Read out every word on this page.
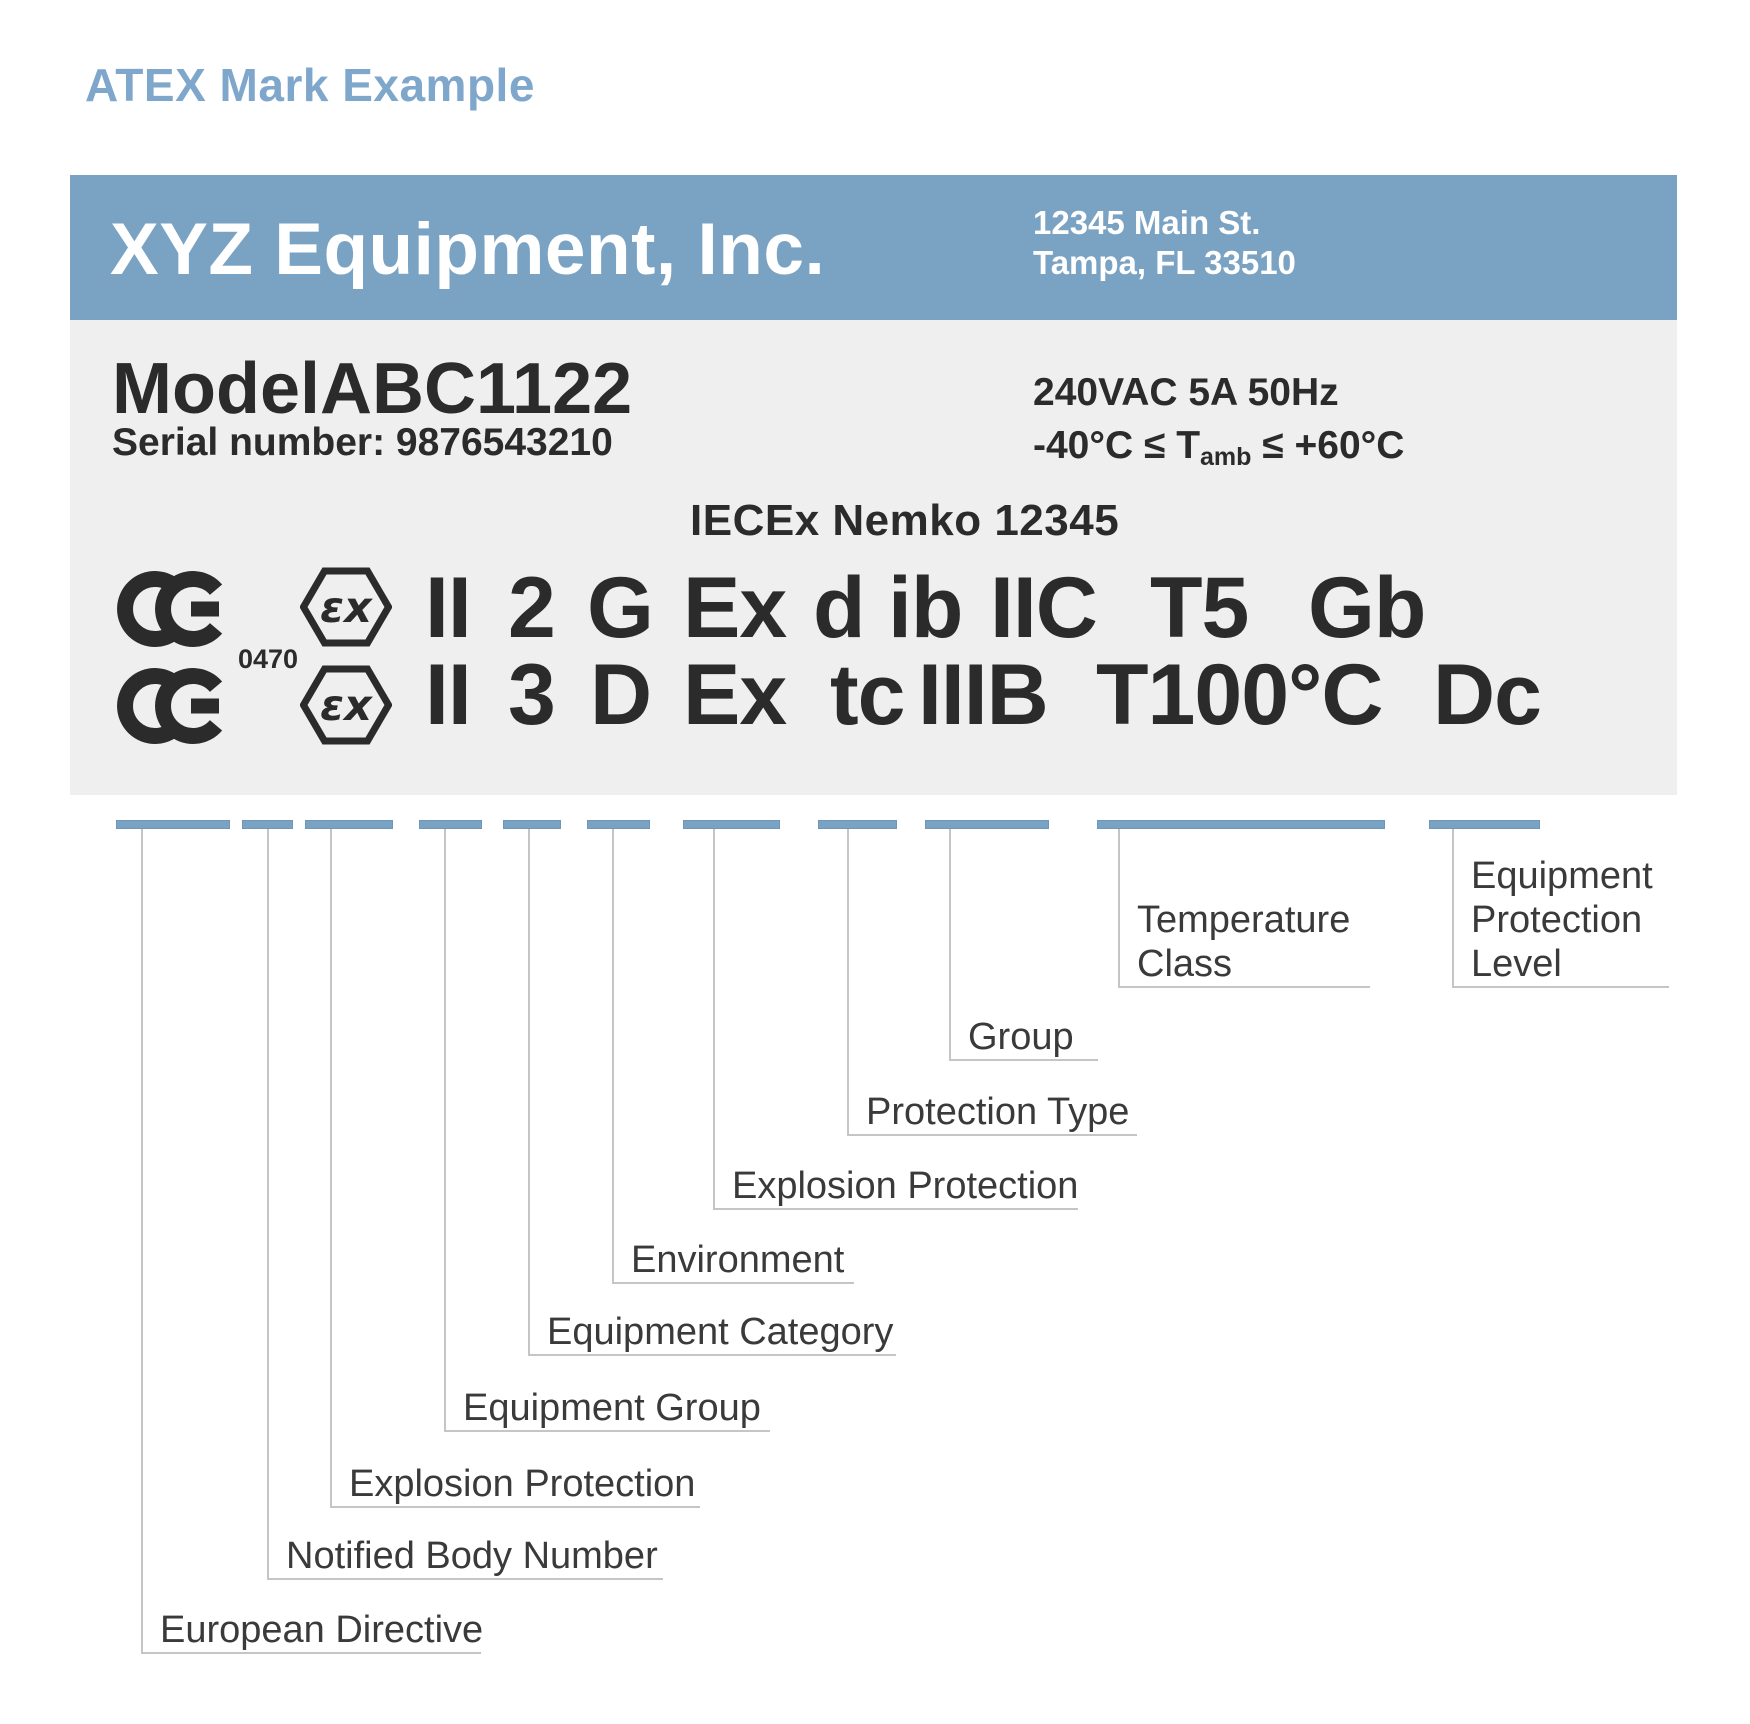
ATEX Mark Example
XYZ Equipment, Inc.	12345 Main St.
Tampa, FL 33510
ModelABC1122
Serial number: 9876543210
240VAC 5A 50Hz
$-40^\circ C \le T_{amb} \le +60^\circ C$
IECEx Nemko 12345
0470
εx
εx
II 2 G Ex d ib IIC T5 Gb
II 3 D Ex tc IIIB T100°C Dc
European Directive
Notified Body Number
Explosion Protection
Equipment Group
Equipment Category
Environment
Explosion Protection
Protection Type
Group
Temperature
Class
Equipment
Protection
Level
